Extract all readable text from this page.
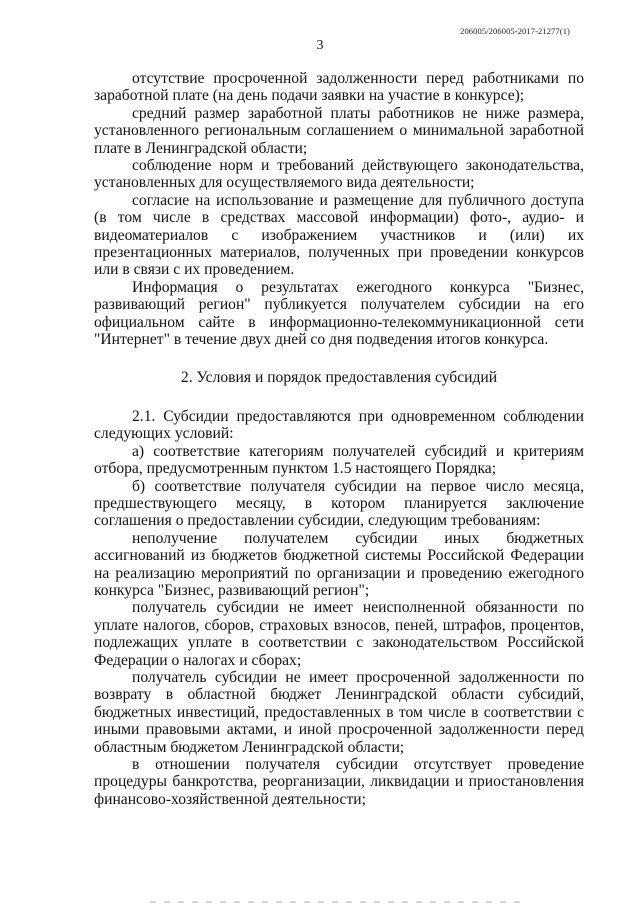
206005/206005-2017-21277(1)
3

отсутствие просроченной задолженности перед работниками по заработной плате (на день подачи заявки на участие в конкурсе);

средний размер заработной платы работников не ниже размера, установленного региональным соглашением о минимальной заработной плате в Ленинградской области;

соблюдение норм и требований действующего законодательства, установленных для осуществляемого вида деятельности;

согласие на использование и размещение для публичного доступа (в том числе в средствах массовой информации) фото-, аудио- и видеоматериалов с изображением участников и (или) их презентационных материалов, полученных при проведении конкурсов или в связи с их проведением.

Информация о результатах ежегодного конкурса "Бизнес, развивающий регион" публикуется получателем субсидии на его официальном сайте в информационно-телекоммуникационной сети "Интернет" в течение двух дней со дня подведения итогов конкурса.

2. Условия и порядок предоставления субсидий

2.1. Субсидии предоставляются при одновременном соблюдении следующих условий:

а) соответствие категориям получателей субсидий и критериям отбора, предусмотренным пунктом 1.5 настоящего Порядка;

б) соответствие получателя субсидии на первое число месяца, предшествующего месяцу, в котором планируется заключение соглашения о предоставлении субсидии, следующим требованиям:

неполучение получателем субсидии иных бюджетных ассигнований из бюджетов бюджетной системы Российской Федерации на реализацию мероприятий по организации и проведению ежегодного конкурса "Бизнес, развивающий регион";

получатель субсидии не имеет неисполненной обязанности по уплате налогов, сборов, страховых взносов, пеней, штрафов, процентов, подлежащих уплате в соответствии с законодательством Российской Федерации о налогах и сборах;

получатель субсидии не имеет просроченной задолженности по возврату в областной бюджет Ленинградской области субсидий, бюджетных инвестиций, предоставленных в том числе в соответствии с иными правовыми актами, и иной просроченной задолженности перед областным бюджетом Ленинградской области;

в отношении получателя субсидии отсутствует проведение процедуры банкротства, реорганизации, ликвидации и приостановления финансово-хозяйственной деятельности;
